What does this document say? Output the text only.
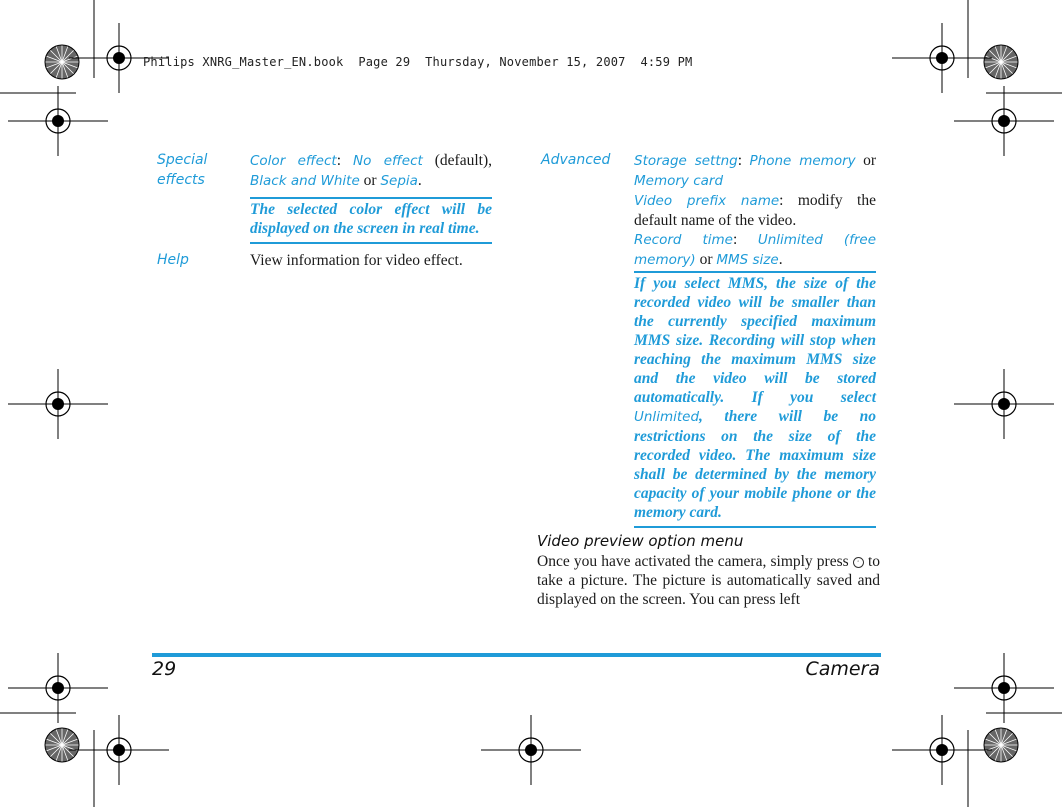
Philips XNRG_Master_EN.book  Page 29  Thursday, November 15, 2007  4:59 PM
Special effects
Color effect: No effect (default), Black and White or Sepia.
The selected color effect will be displayed on the screen in real time.
Help	View information for video effect.
Advanced Storage settng: Phone memory or
Memory card
Video prefix name: modify the default name of the video.
Record time: Unlimited (free memory) or MMS size.
If you select MMS, the size of the recorded video will be smaller than the currently specified maximum MMS size. Recording will stop when reaching the maximum MMS size and the video will be stored automatically. If you select Unlimited, there will be no restrictions on the size of the recorded video. The maximum size shall be determined by the memory capacity of your mobile phone or the memory card.
Video preview option menu
Once you have activated the camera, simply press ◦ to take a picture. The picture is automatically saved and displayed on the screen. You can press left
29	Camera
